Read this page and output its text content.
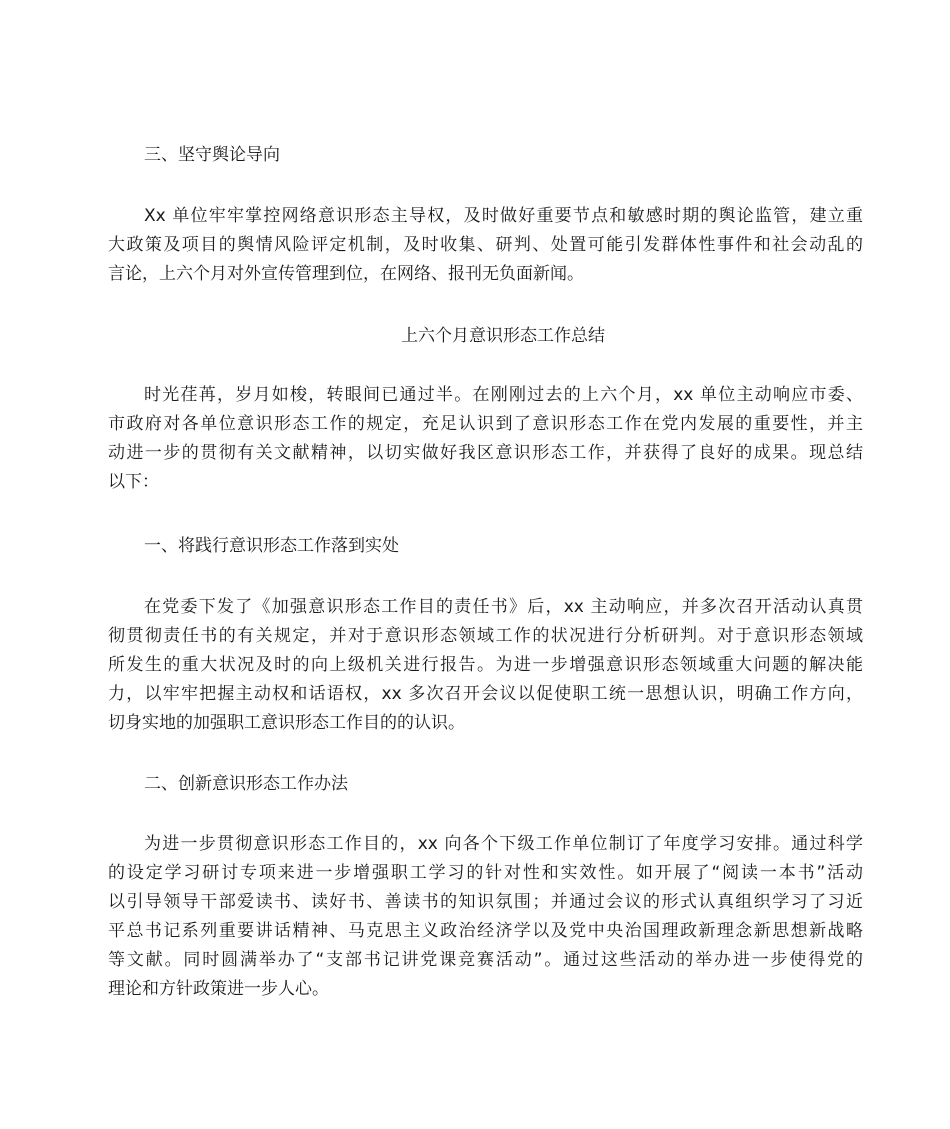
三、坚守舆论导向
Xx 单位牢牢掌控网络意识形态主导权，及时做好重要节点和敏感时期的舆论监管，建立重
大政策及项目的舆情风险评定机制，及时收集、研判、处置可能引发群体性事件和社会动乱的
言论，上六个月对外宣传管理到位，在网络、报刊无负面新闻。
上六个月意识形态工作总结
时光荏苒，岁月如梭，转眼间已通过半。在刚刚过去的上六个月，xx 单位主动响应市委、
市政府对各单位意识形态工作的规定，充足认识到了意识形态工作在党内发展的重要性，并主
动进一步的贯彻有关文献精神，以切实做好我区意识形态工作，并获得了良好的成果。现总结
以下：
一、将践行意识形态工作落到实处
在党委下发了《加强意识形态工作目的责任书》后，xx 主动响应，并多次召开活动认真贯
彻贯彻责任书的有关规定，并对于意识形态领域工作的状况进行分析研判。对于意识形态领域
所发生的重大状况及时的向上级机关进行报告。为进一步增强意识形态领域重大问题的解决能
力，以牢牢把握主动权和话语权，xx 多次召开会议以促使职工统一思想认识，明确工作方向，
切身实地的加强职工意识形态工作目的的认识。
二、创新意识形态工作办法
为进一步贯彻意识形态工作目的，xx 向各个下级工作单位制订了年度学习安排。通过科学
的设定学习研讨专项来进一步增强职工学习的针对性和实效性。如开展了“阅读一本书”活动
以引导领导干部爱读书、读好书、善读书的知识氛围；并通过会议的形式认真组织学习了习近
平总书记系列重要讲话精神、马克思主义政治经济学以及党中央治国理政新理念新思想新战略
等文献。同时圆满举办了“支部书记讲党课竞赛活动”。通过这些活动的举办进一步使得党的
理论和方针政策进一步人心。
